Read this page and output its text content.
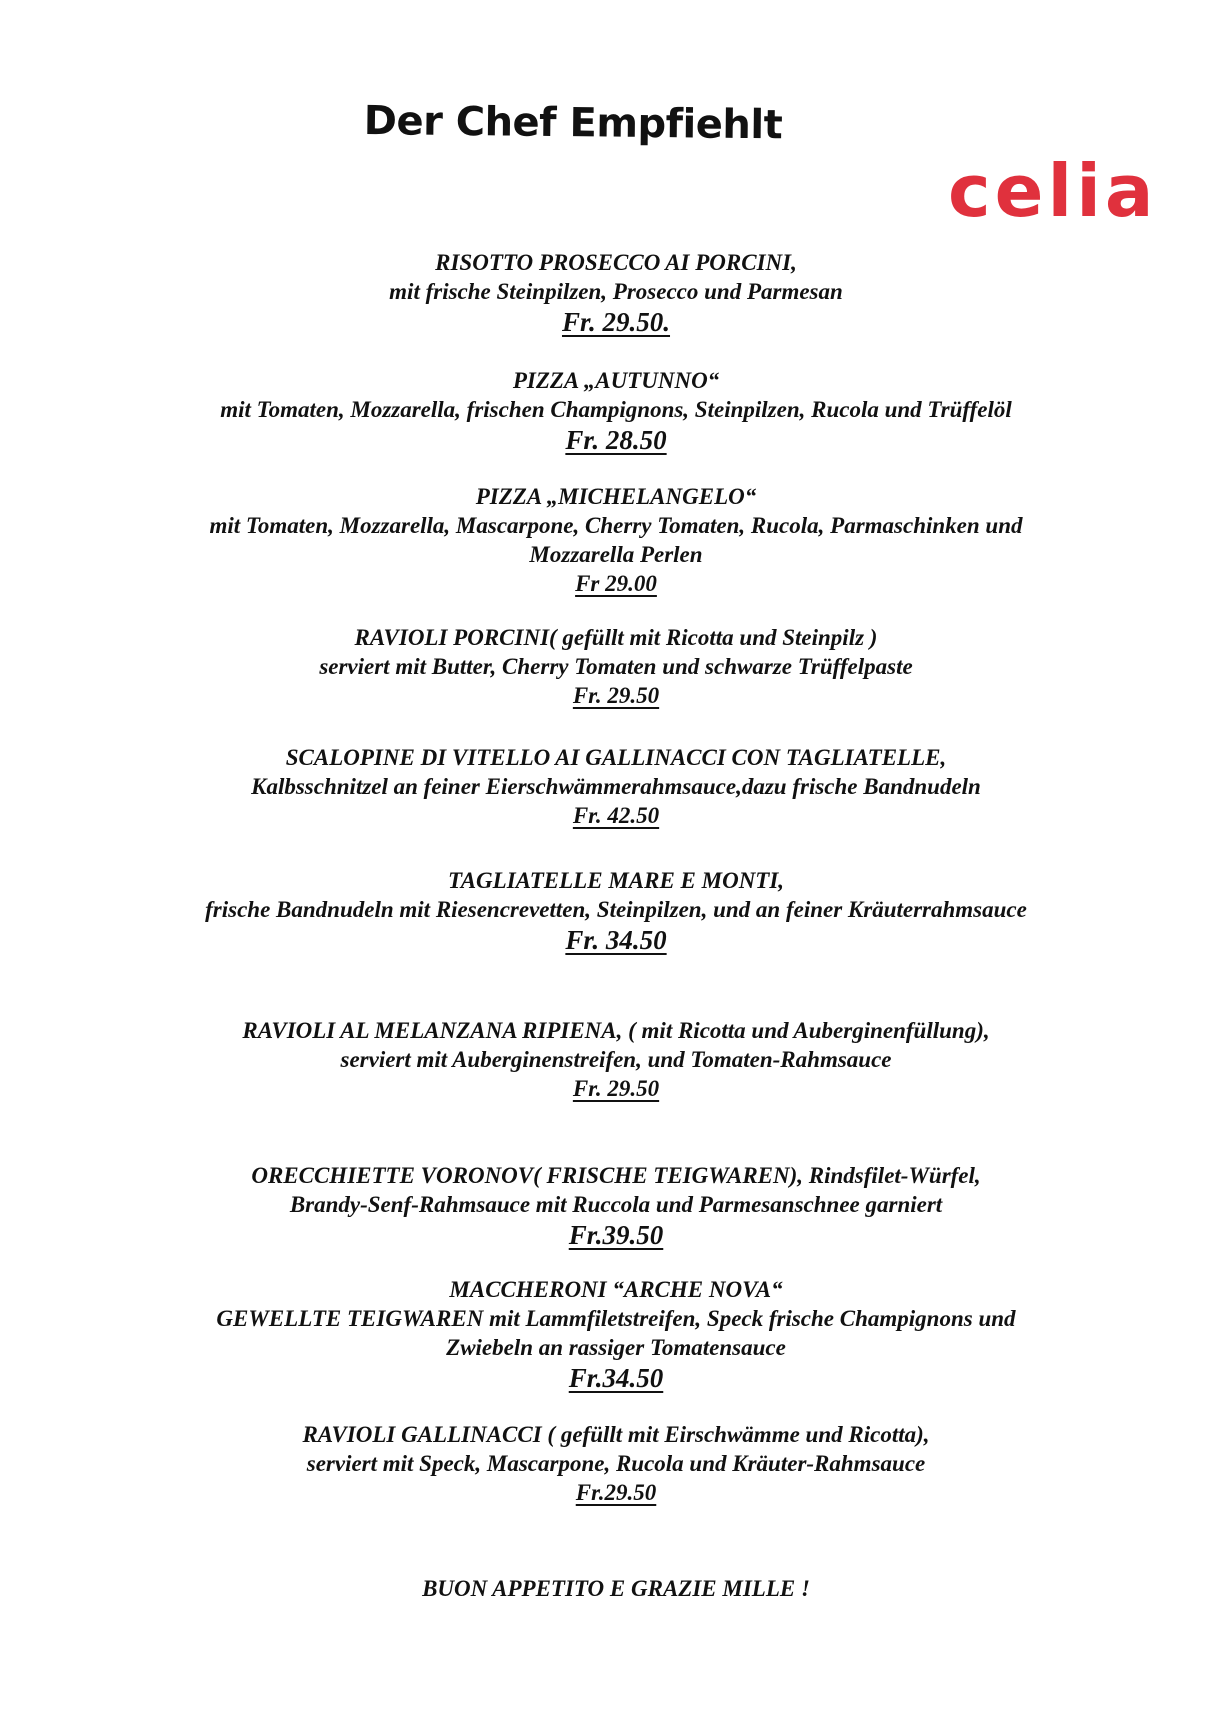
Der Chef Empfiehlt
celia
RISOTTO PROSECCO AI PORCINI,
mit frische Steinpilzen, Prosecco und Parmesan
Fr. 29.50.
PIZZA „AUTUNNO“
mit Tomaten, Mozzarella, frischen Champignons, Steinpilzen, Rucola und Trüffelöl
Fr. 28.50
PIZZA „MICHELANGELO“
mit Tomaten, Mozzarella, Mascarpone, Cherry Tomaten, Rucola, Parmaschinken und
Mozzarella Perlen
Fr 29.00
RAVIOLI PORCINI( gefüllt mit Ricotta und Steinpilz )
serviert mit Butter, Cherry Tomaten und schwarze Trüffelpaste
Fr. 29.50
SCALOPINE DI VITELLO AI GALLINACCI CON TAGLIATELLE,
Kalbsschnitzel an feiner Eierschwämmerahmsauce,dazu frische Bandnudeln
Fr. 42.50
TAGLIATELLE MARE E MONTI,
frische Bandnudeln mit Riesencrevetten, Steinpilzen, und an feiner Kräuterrahmsauce
Fr. 34.50
RAVIOLI AL MELANZANA RIPIENA, ( mit Ricotta und Auberginenfüllung),
serviert mit Auberginenstreifen, und Tomaten-Rahmsauce
Fr. 29.50
ORECCHIETTE VORONOV( FRISCHE TEIGWAREN), Rindsfilet-Würfel,
Brandy-Senf-Rahmsauce mit Ruccola und Parmesanschnee garniert
Fr.39.50
MACCHERONI “ARCHE NOVA“
GEWELLTE TEIGWAREN mit Lammfiletstreifen, Speck frische Champignons und
Zwiebeln an rassiger Tomatensauce
Fr.34.50
RAVIOLI GALLINACCI ( gefüllt mit Eirschwämme und Ricotta),
serviert mit Speck, Mascarpone, Rucola und Kräuter-Rahmsauce
Fr.29.50
BUON APPETITO E GRAZIE MILLE !
